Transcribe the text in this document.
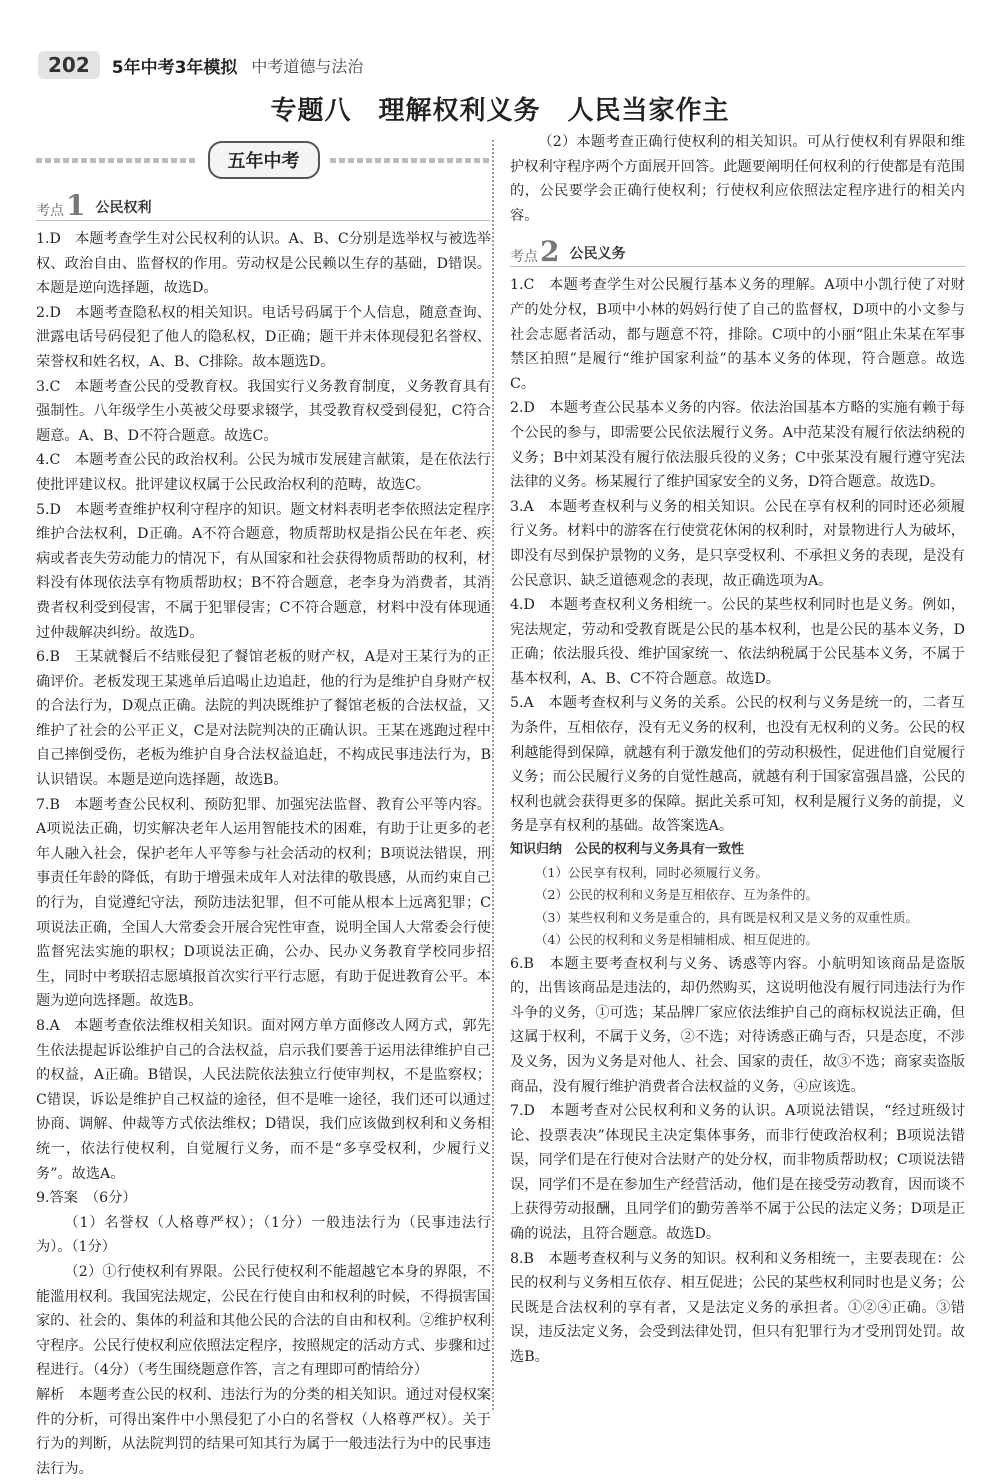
202	5年中考3年模拟 中考道德与法治
专题八　理解权利义务　人民当家作主
五年中考
考点 1 公民权利
1.D　本题考查学生对公民权利的认识。A、B、C分别是选举权与被选举权、政治自由、监督权的作用。劳动权是公民赖以生存的基础，D错误。本题是逆向选择题，故选D。
2.D　本题考查隐私权的相关知识。电话号码属于个人信息，随意查询、泄露电话号码侵犯了他人的隐私权，D正确；题干并未体现侵犯名誉权、荣誉权和姓名权，A、B、C排除。故本题选D。
3.C　本题考查公民的受教育权。我国实行义务教育制度，义务教育具有强制性。八年级学生小英被父母要求辍学，其受教育权受到侵犯，C符合题意。A、B、D不符合题意。故选C。
4.C　本题考查公民的政治权利。公民为城市发展建言献策，是在依法行使批评建议权。批评建议权属于公民政治权利的范畴，故选C。
5.D　本题考查维护权利守程序的知识。题文材料表明老李依照法定程序维护合法权利，D正确。A不符合题意，物质帮助权是指公民在年老、疾病或者丧失劳动能力的情况下，有从国家和社会获得物质帮助的权利，材料没有体现依法享有物质帮助权；B不符合题意，老李身为消费者，其消费者权利受到侵害，不属于犯罪侵害；C不符合题意，材料中没有体现通过仲裁解决纠纷。故选D。
6.B　王某就餐后不结账侵犯了餐馆老板的财产权，A是对王某行为的正确评价。老板发现王某逃单后追喝止边追赶，他的行为是维护自身财产权的合法行为，D观点正确。法院的判决既维护了餐馆老板的合法权益，又维护了社会的公平正义，C是对法院判决的正确认识。王某在逃跑过程中自己摔倒受伤，老板为维护自身合法权益追赶，不构成民事违法行为，B认识错误。本题是逆向选择题，故选B。
7.B　本题考查公民权利、预防犯罪、加强宪法监督、教育公平等内容。A项说法正确，切实解决老年人运用智能技术的困难，有助于让更多的老年人融入社会，保护老年人平等参与社会活动的权利；B项说法错误，刑事责任年龄的降低，有助于增强未成年人对法律的敬畏感，从而约束自己的行为，自觉遵纪守法，预防违法犯罪，但不可能从根本上远离犯罪；C项说法正确，全国人大常委会开展合宪性审查，说明全国人大常委会行使监督宪法实施的职权；D项说法正确，公办、民办义务教育学校同步招生，同时中考联招志愿填报首次实行平行志愿，有助于促进教育公平。本题为逆向选择题。故选B。
8.A　本题考查依法维权相关知识。面对网方单方面修改人网方式，郭先生依法提起诉讼维护自己的合法权益，启示我们要善于运用法律维护自己的权益，A正确。B错误，人民法院依法独立行使审判权，不是监察权；C错误，诉讼是维护自己权益的途径，但不是唯一途径，我们还可以通过协商、调解、仲裁等方式依法维权；D错误，我们应该做到权利和义务相统一，依法行使权利，自觉履行义务，而不是“多享受权利，少履行义务”。故选A。
9.答案　（6分）
（1）名誉权（人格尊严权）；（1分）一般违法行为（民事违法行为）。（1分）
（2）①行使权利有界限。公民行使权利不能超越它本身的界限，不能滥用权利。我国宪法规定，公民在行使自由和权利的时候，不得损害国家的、社会的、集体的利益和其他公民的合法的自由和权利。②维护权利守程序。公民行使权利应依照法定程序，按照规定的活动方式、步骤和过程进行。（4分）（考生围绕题意作答，言之有理即可酌情给分）
解析　本题考查公民的权利、违法行为的分类的相关知识。通过对侵权案件的分析，可得出案件中小黑侵犯了小白的名誉权（人格尊严权）。关于行为的判断，从法院判罚的结果可知其行为属于一般违法行为中的民事违法行为。
（2）本题考查正确行使权利的相关知识。可从行使权利有界限和维护权利守程序两个方面展开回答。此题要阐明任何权利的行使都是有范围的，公民要学会正确行使权利；行使权利应依照法定程序进行的相关内容。
考点 2 公民义务
1.C　本题考查学生对公民履行基本义务的理解。A项中小凯行使了对财产的处分权，B项中小林的妈妈行使了自己的监督权，D项中的小文参与社会志愿者活动，都与题意不符，排除。C项中的小丽“阻止朱某在军事禁区拍照”是履行“维护国家利益”的基本义务的体现，符合题意。故选C。
2.D　本题考查公民基本义务的内容。依法治国基本方略的实施有赖于每个公民的参与，即需要公民依法履行义务。A中范某没有履行依法纳税的义务；B中刘某没有履行依法服兵役的义务；C中张某没有履行遵守宪法法律的义务。杨某履行了维护国家安全的义务，D符合题意。故选D。
3.A　本题考查权利与义务的相关知识。公民在享有权利的同时还必须履行义务。材料中的游客在行使赏花休闲的权利时，对景物进行人为破坏，即没有尽到保护景物的义务，是只享受权利、不承担义务的表现，是没有公民意识、缺乏道德观念的表现，故正确选项为A。
4.D　本题考查权利义务相统一。公民的某些权利同时也是义务。例如，宪法规定，劳动和受教育既是公民的基本权利，也是公民的基本义务，D正确；依法服兵役、维护国家统一、依法纳税属于公民基本义务，不属于基本权利，A、B、C不符合题意。故选D。
5.A　本题考查权利与义务的关系。公民的权利与义务是统一的，二者互为条件，互相依存，没有无义务的权利，也没有无权利的义务。公民的权利越能得到保障，就越有利于激发他们的劳动积极性，促进他们自觉履行义务；而公民履行义务的自觉性越高，就越有利于国家富强昌盛，公民的权利也就会获得更多的保障。据此关系可知，权利是履行义务的前提，义务是享有权利的基础。故答案选A。
知识归纳　公民的权利与义务具有一致性
（1）公民享有权利，同时必须履行义务。
（2）公民的权利和义务是互相依存、互为条件的。
（3）某些权利和义务是重合的，具有既是权利又是义务的双重性质。
（4）公民的权利和义务是相辅相成、相互促进的。
6.B　本题主要考查权利与义务、诱惑等内容。小航明知该商品是盗版的，出售该商品是违法的，却仍然购买，这说明他没有履行同违法行为作斗争的义务，①可选；某品牌厂家应依法维护自己的商标权说法正确，但这属于权利，不属于义务，②不选；对待诱惑正确与否，只是态度，不涉及义务，因为义务是对他人、社会、国家的责任，故③不选；商家卖盗版商品，没有履行维护消费者合法权益的义务，④应该选。
7.D　本题考查对公民权利和义务的认识。A项说法错误，“经过班级讨论、投票表决”体现民主决定集体事务，而非行使政治权利；B项说法错误，同学们是在行使对合法财产的处分权，而非物质帮助权；C项说法错误，同学们不是在参加生产经营活动，他们是在接受劳动教育，因而谈不上获得劳动报酬，且同学们的勤劳善举不属于公民的法定义务；D项是正确的说法，且符合题意。故选D。
8.B　本题考查权利与义务的知识。权利和义务相统一，主要表现在：公民的权利与义务相互依存、相互促进；公民的某些权利同时也是义务；公民既是合法权利的享有者，又是法定义务的承担者。①②④正确。③错误，违反法定义务，会受到法律处罚，但只有犯罪行为才受刑罚处罚。故选B。
